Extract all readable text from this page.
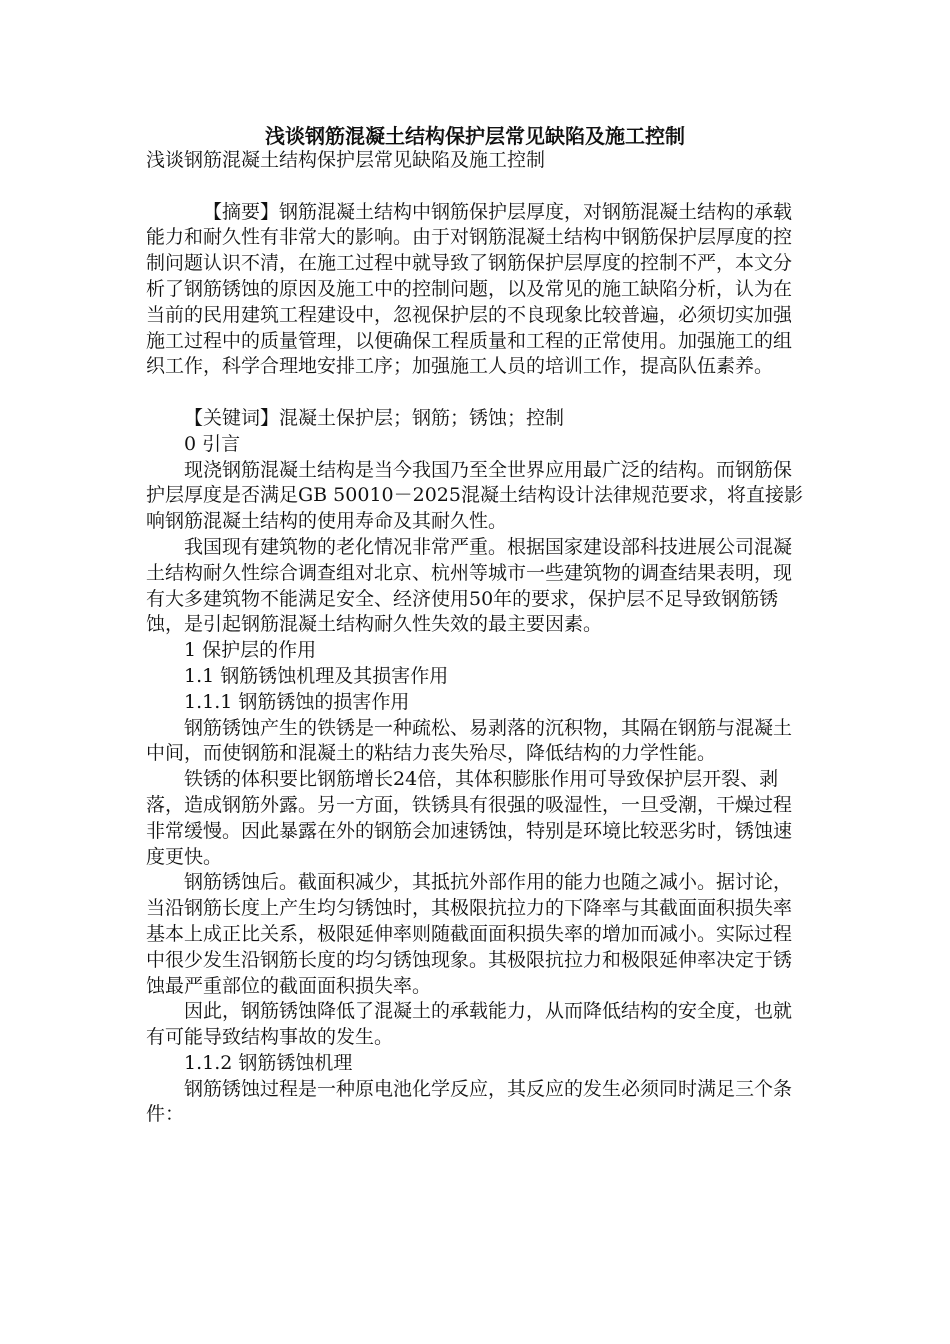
浅谈钢筋混凝土结构保护层常见缺陷及施工控制

浅谈钢筋混凝土结构保护层常见缺陷及施工控制

【摘要】钢筋混凝土结构中钢筋保护层厚度，对钢筋混凝土结构的承载能力和耐久性有非常大的影响。由于对钢筋混凝土结构中钢筋保护层厚度的控制问题认识不清，在施工过程中就导致了钢筋保护层厚度的控制不严，本文分析了钢筋锈蚀的原因及施工中的控制问题，以及常见的施工缺陷分析，认为在当前的民用建筑工程建设中，忽视保护层的不良现象比较普遍，必须切实加强施工过程中的质量管理，以便确保工程质量和工程的正常使用。加强施工的组织工作，科学合理地安排工序；加强施工人员的培训工作，提高队伍素养。

【关键词】混凝土保护层；钢筋；锈蚀；控制

0 引言

现浇钢筋混凝土结构是当今我国乃至全世界应用最广泛的结构。而钢筋保护层厚度是否满足GB 50010－2025混凝土结构设计法律规范要求，将直接影响钢筋混凝土结构的使用寿命及其耐久性。

我国现有建筑物的老化情况非常严重。根据国家建设部科技进展公司混凝土结构耐久性综合调查组对北京、杭州等城市一些建筑物的调查结果表明，现有大多建筑物不能满足安全、经济使用50年的要求，保护层不足导致钢筋锈蚀，是引起钢筋混凝土结构耐久性失效的最主要因素。

1 保护层的作用

1.1 钢筋锈蚀机理及其损害作用

1.1.1 钢筋锈蚀的损害作用

钢筋锈蚀产生的铁锈是一种疏松、易剥落的沉积物，其隔在钢筋与混凝土中间，而使钢筋和混凝土的粘结力丧失殆尽，降低结构的力学性能。

铁锈的体积要比钢筋增长24倍，其体积膨胀作用可导致保护层开裂、剥落，造成钢筋外露。另一方面，铁锈具有很强的吸湿性，一旦受潮，干燥过程非常缓慢。因此暴露在外的钢筋会加速锈蚀，特别是环境比较恶劣时，锈蚀速度更快。

钢筋锈蚀后。截面积减少，其抵抗外部作用的能力也随之减小。据讨论，当沿钢筋长度上产生均匀锈蚀时，其极限抗拉力的下降率与其截面面积损失率基本上成正比关系，极限延伸率则随截面面积损失率的增加而减小。实际过程中很少发生沿钢筋长度的均匀锈蚀现象。其极限抗拉力和极限延伸率决定于锈蚀最严重部位的截面面积损失率。

因此，钢筋锈蚀降低了混凝土的承载能力，从而降低结构的安全度，也就有可能导致结构事故的发生。

1.1.2 钢筋锈蚀机理

钢筋锈蚀过程是一种原电池化学反应，其反应的发生必须同时满足三个条件：
